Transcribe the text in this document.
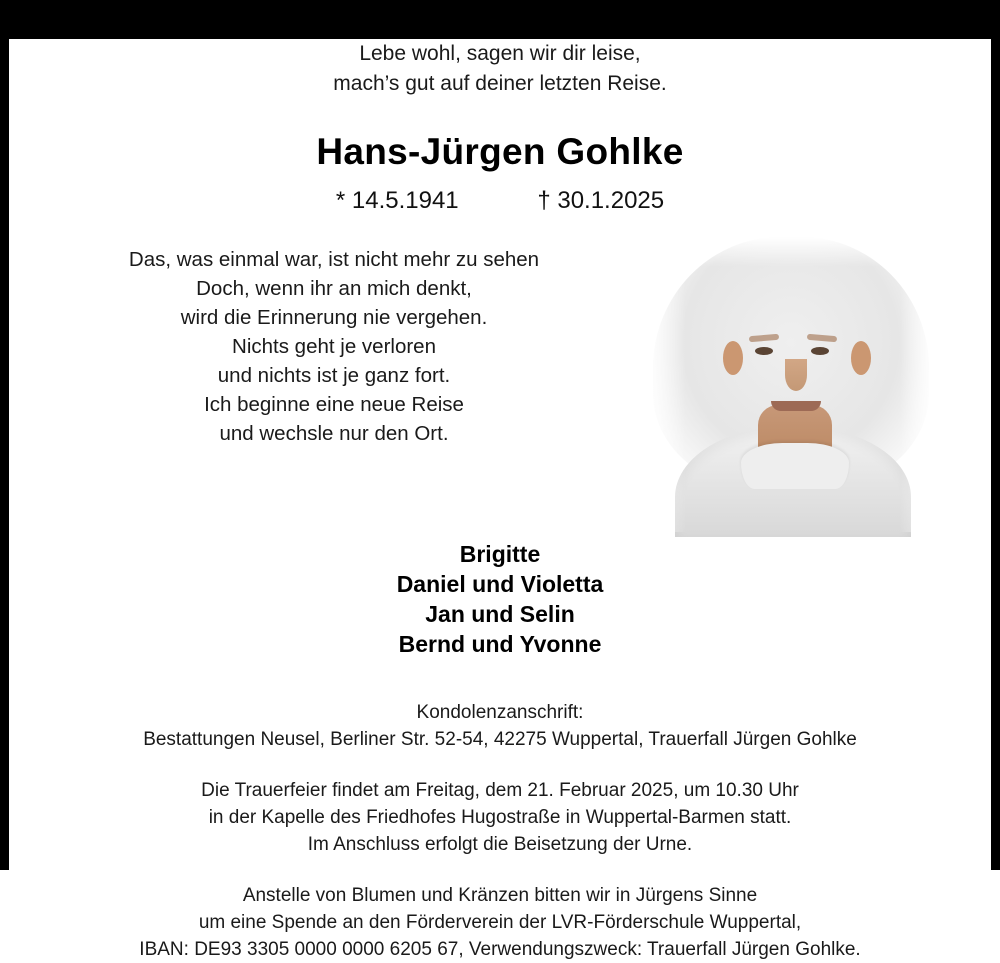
Lebe wohl, sagen wir dir leise,
mach’s gut auf deiner letzten Reise.
Hans-Jürgen Gohlke
* 14.5.1941	† 30.1.2025
Das, was einmal war, ist nicht mehr zu sehen
Doch, wenn ihr an mich denkt,
wird die Erinnerung nie vergehen.
Nichts geht je verloren
und nichts ist je ganz fort.
Ich beginne eine neue Reise
und wechsle nur den Ort.
Brigitte
Daniel und Violetta
Jan und Selin
Bernd und Yvonne
Kondolenzanschrift:
Bestattungen Neusel, Berliner Str. 52-54, 42275 Wuppertal, Trauerfall Jürgen Gohlke
Die Trauerfeier findet am Freitag, dem 21. Februar 2025, um 10.30 Uhr
in der Kapelle des Friedhofes Hugostraße in Wuppertal-Barmen statt.
Im Anschluss erfolgt die Beisetzung der Urne.
Anstelle von Blumen und Kränzen bitten wir in Jürgens Sinne
um eine Spende an den Förderverein der LVR-Förderschule Wuppertal,
IBAN: DE93 3305 0000 0000 6205 67, Verwendungszweck: Trauerfall Jürgen Gohlke.
